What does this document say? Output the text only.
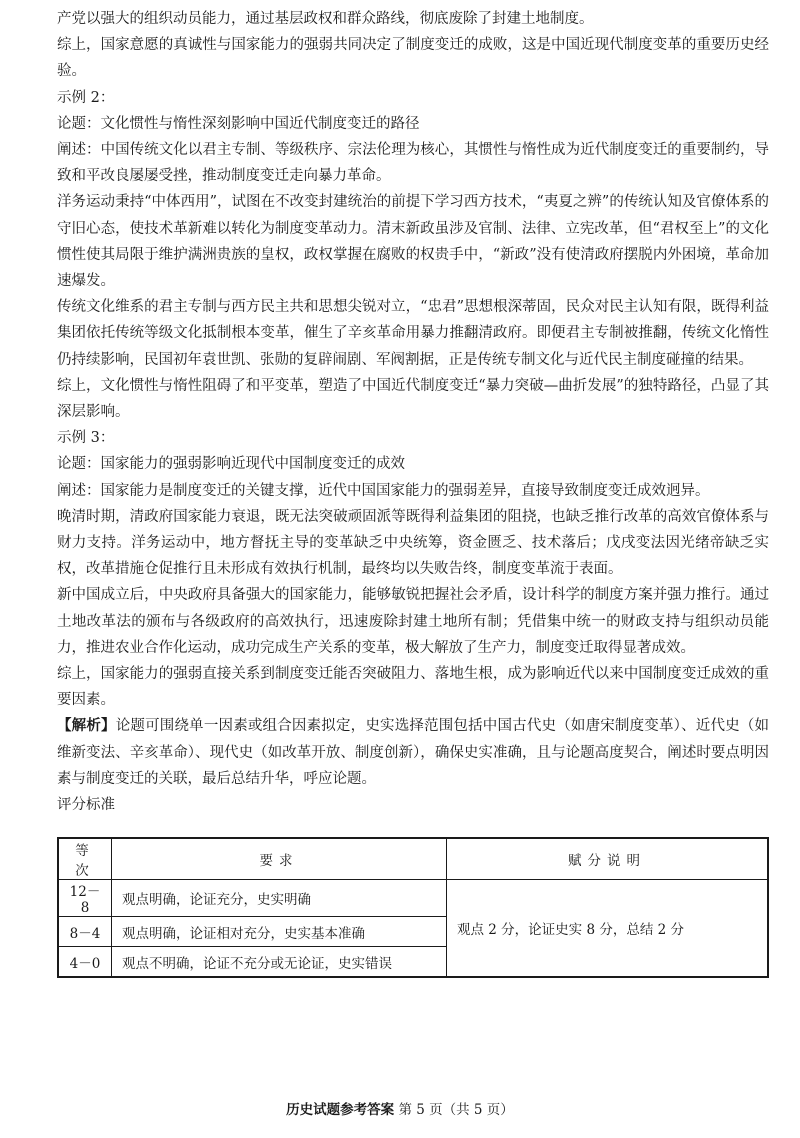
产党以强大的组织动员能力，通过基层政权和群众路线，彻底废除了封建土地制度。

综上，国家意愿的真诚性与国家能力的强弱共同决定了制度变迁的成败，这是中国近现代制度变革的重要历史经验。

示例 2：

论题：文化惯性与惰性深刻影响中国近代制度变迁的路径

阐述：中国传统文化以君主专制、等级秩序、宗法伦理为核心，其惯性与惰性成为近代制度变迁的重要制约，导致和平改良屡屡受挫，推动制度变迁走向暴力革命。

洋务运动秉持“中体西用”，试图在不改变封建统治的前提下学习西方技术，“夷夏之辨”的传统认知及官僚体系的守旧心态，使技术革新难以转化为制度变革动力。清末新政虽涉及官制、法律、立宪改革，但“君权至上”的文化惯性使其局限于维护满洲贵族的皇权，政权掌握在腐败的权贵手中，“新政”没有使清政府摆脱内外困境，革命加速爆发。

传统文化维系的君主专制与西方民主共和思想尖锐对立，“忠君”思想根深蒂固，民众对民主认知有限，既得利益集团依托传统等级文化抵制根本变革，催生了辛亥革命用暴力推翻清政府。即便君主专制被推翻，传统文化惰性仍持续影响，民国初年袁世凯、张勋的复辟闹剧、军阀割据，正是传统专制文化与近代民主制度碰撞的结果。

综上，文化惯性与惰性阻碍了和平变革，塑造了中国近代制度变迁“暴力突破—曲折发展”的独特路径，凸显了其深层影响。

示例 3：

论题：国家能力的强弱影响近现代中国制度变迁的成效

阐述：国家能力是制度变迁的关键支撑，近代中国国家能力的强弱差异，直接导致制度变迁成效迥异。

晚清时期，清政府国家能力衰退，既无法突破顽固派等既得利益集团的阻挠，也缺乏推行改革的高效官僚体系与财力支持。洋务运动中，地方督抚主导的变革缺乏中央统筹，资金匮乏、技术落后；戊戌变法因光绪帝缺乏实权，改革措施仓促推行且未形成有效执行机制，最终均以失败告终，制度变革流于表面。

新中国成立后，中央政府具备强大的国家能力，能够敏锐把握社会矛盾，设计科学的制度方案并强力推行。通过土地改革法的颁布与各级政府的高效执行，迅速废除封建土地所有制；凭借集中统一的财政支持与组织动员能力，推进农业合作化运动，成功完成生产关系的变革，极大解放了生产力，制度变迁取得显著成效。

综上，国家能力的强弱直接关系到制度变迁能否突破阻力、落地生根，成为影响近代以来中国制度变迁成效的重要因素。

【解析】论题可围绕单一因素或组合因素拟定，史实选择范围包括中国古代史（如唐宋制度变革）、近代史（如维新变法、辛亥革命）、现代史（如改革开放、制度创新），确保史实准确，且与论题高度契合，阐述时要点明因素与制度变迁的关联，最后总结升华，呼应论题。

评分标准

等次	要求	赋分说明
12－8	观点明确，论证充分，史实明确	观点 2 分，论证史实 8 分，总结 2 分
8－4	观点明确，论证相对充分，史实基本准确	
4－0	观点不明确，论证不充分或无论证，史实错误	
历史试题参考答案 第 5 页（共 5 页）
